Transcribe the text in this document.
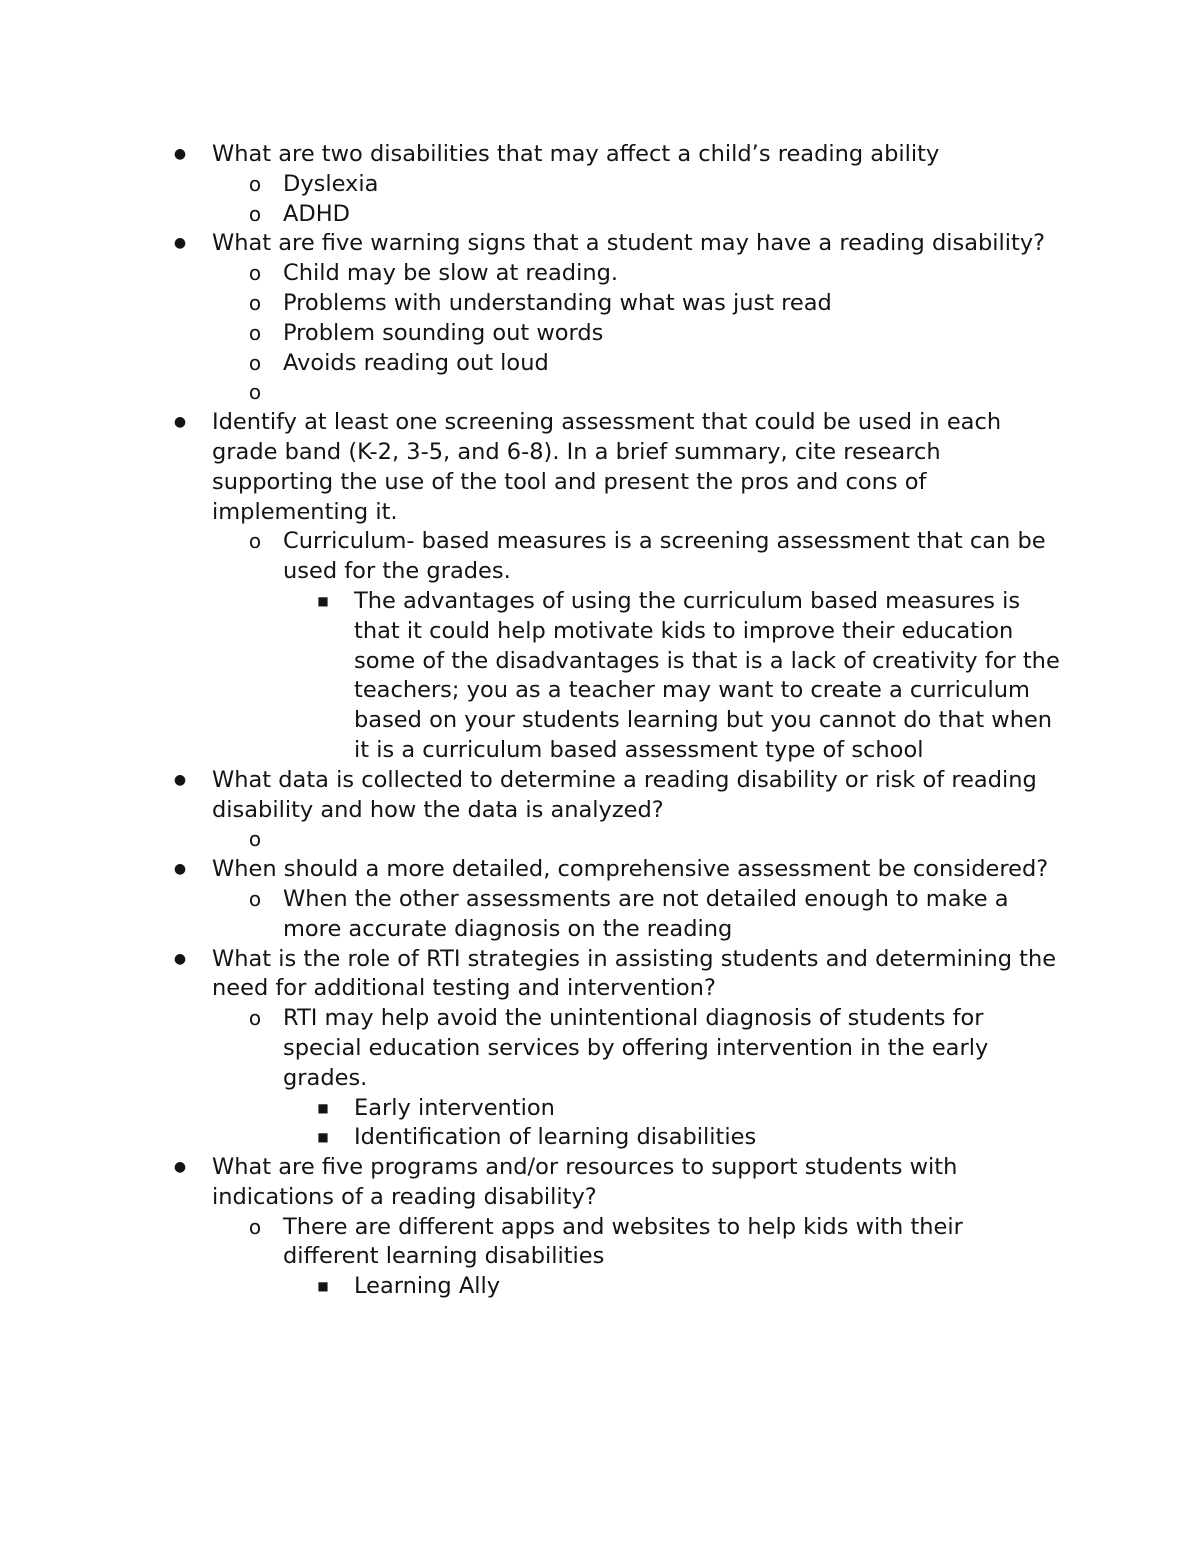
● What are two disabilities that may affect a child’s reading ability
o Dyslexia
o ADHD
● What are five warning signs that a student may have a reading disability?
o Child may be slow at reading.
o Problems with understanding what was just read
o Problem sounding out words
o Avoids reading out loud
o
● Identify at least one screening assessment that could be used in each grade band (K-2, 3-5, and 6-8). In a brief summary, cite research supporting the use of the tool and present the pros and cons of implementing it.
o Curriculum- based measures is a screening assessment that can be used for the grades.
■ The advantages of using the curriculum based measures is that it could help motivate kids to improve their education some of the disadvantages is that is a lack of creativity for the teachers; you as a teacher may want to create a curriculum based on your students learning but you cannot do that when it is a curriculum based assessment type of school
● What data is collected to determine a reading disability or risk of reading disability and how the data is analyzed?
o
● When should a more detailed, comprehensive assessment be considered?
o When the other assessments are not detailed enough to make a more accurate diagnosis on the reading
● What is the role of RTI strategies in assisting students and determining the need for additional testing and intervention?
o RTI may help avoid the unintentional diagnosis of students for special education services by offering intervention in the early grades.
■ Early intervention
■ Identification of learning disabilities
● What are five programs and/or resources to support students with indications of a reading disability?
o There are different apps and websites to help kids with their different learning disabilities
■ Learning Ally
